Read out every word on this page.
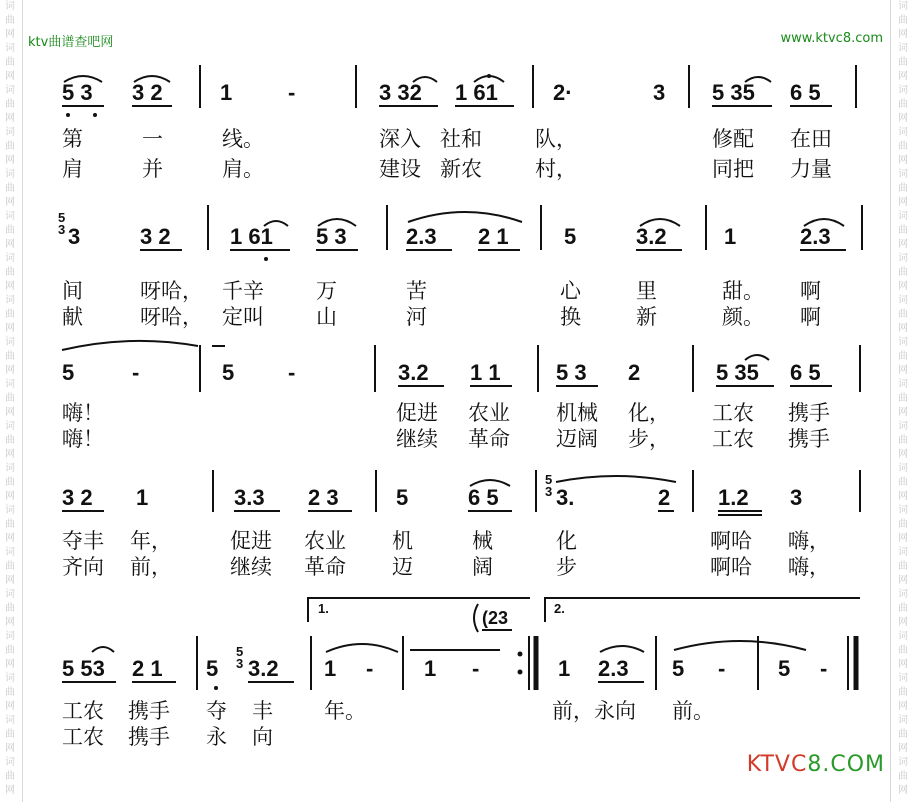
词
曲
网
词
曲
网
词
曲
网
词
曲
网
词
曲
网
词
曲
网
词
曲
网
词
曲
网
词
曲
网
词
曲
网
词
曲
网
词
曲
网
词
曲
网
词
曲
网
词
曲
网
词
曲
网
词
曲
网
词
曲
网
词
曲
网
词
曲
网
词
曲
网
词
曲
网
词
曲
网
词
曲
网
词
曲
网
词
曲
网
词
曲
网
词
曲
网
词
曲
网
词
曲
网
词
曲
网
词
曲
网
词
曲
网
词
曲
网
词
曲
网
词
曲
网
词
曲
网
词
曲
网
ktv曲谱查吧网	www.ktvc8.com
5 3 3 2	1	-	3 32 1 61	2·	3 5 35 6 5
第	一	线。	深入 社和	队，	修配 在田
肩	并	肩。	建设 新农	村，	同把 力量
5
3 3	3 2	1 61 5 3	2.3 2 1	5	3.2	1	2.3
间	呀哈， 千辛 万	苦	心	里	甜。 啊
献	呀哈， 定叫 山	河	换	新	颜。 啊
5	-	5 -	3.2 1 1	5 3 2	5 35 6 5
嗨！	促进 农业 机械 化， 工农 携手
嗨！	继续 革命 迈阔 步， 工农 携手
3 2 1	3.3 2 3	5	6 5
5
3 3.	2 1.2 3
夺丰 年，	促进 农业 机	械	化	啊哈 嗨，
齐向 前，	继续 革命 迈	阔	步	啊哈 嗨，
1.	2.
(23
5 53 2 1 5
5
3 3.2 1 - 1 -	1 2.3 5 - 5 -
工农 携手 夺 丰 年。	前，永向 前。
工农 携手 永 向
KTVC8.COM
